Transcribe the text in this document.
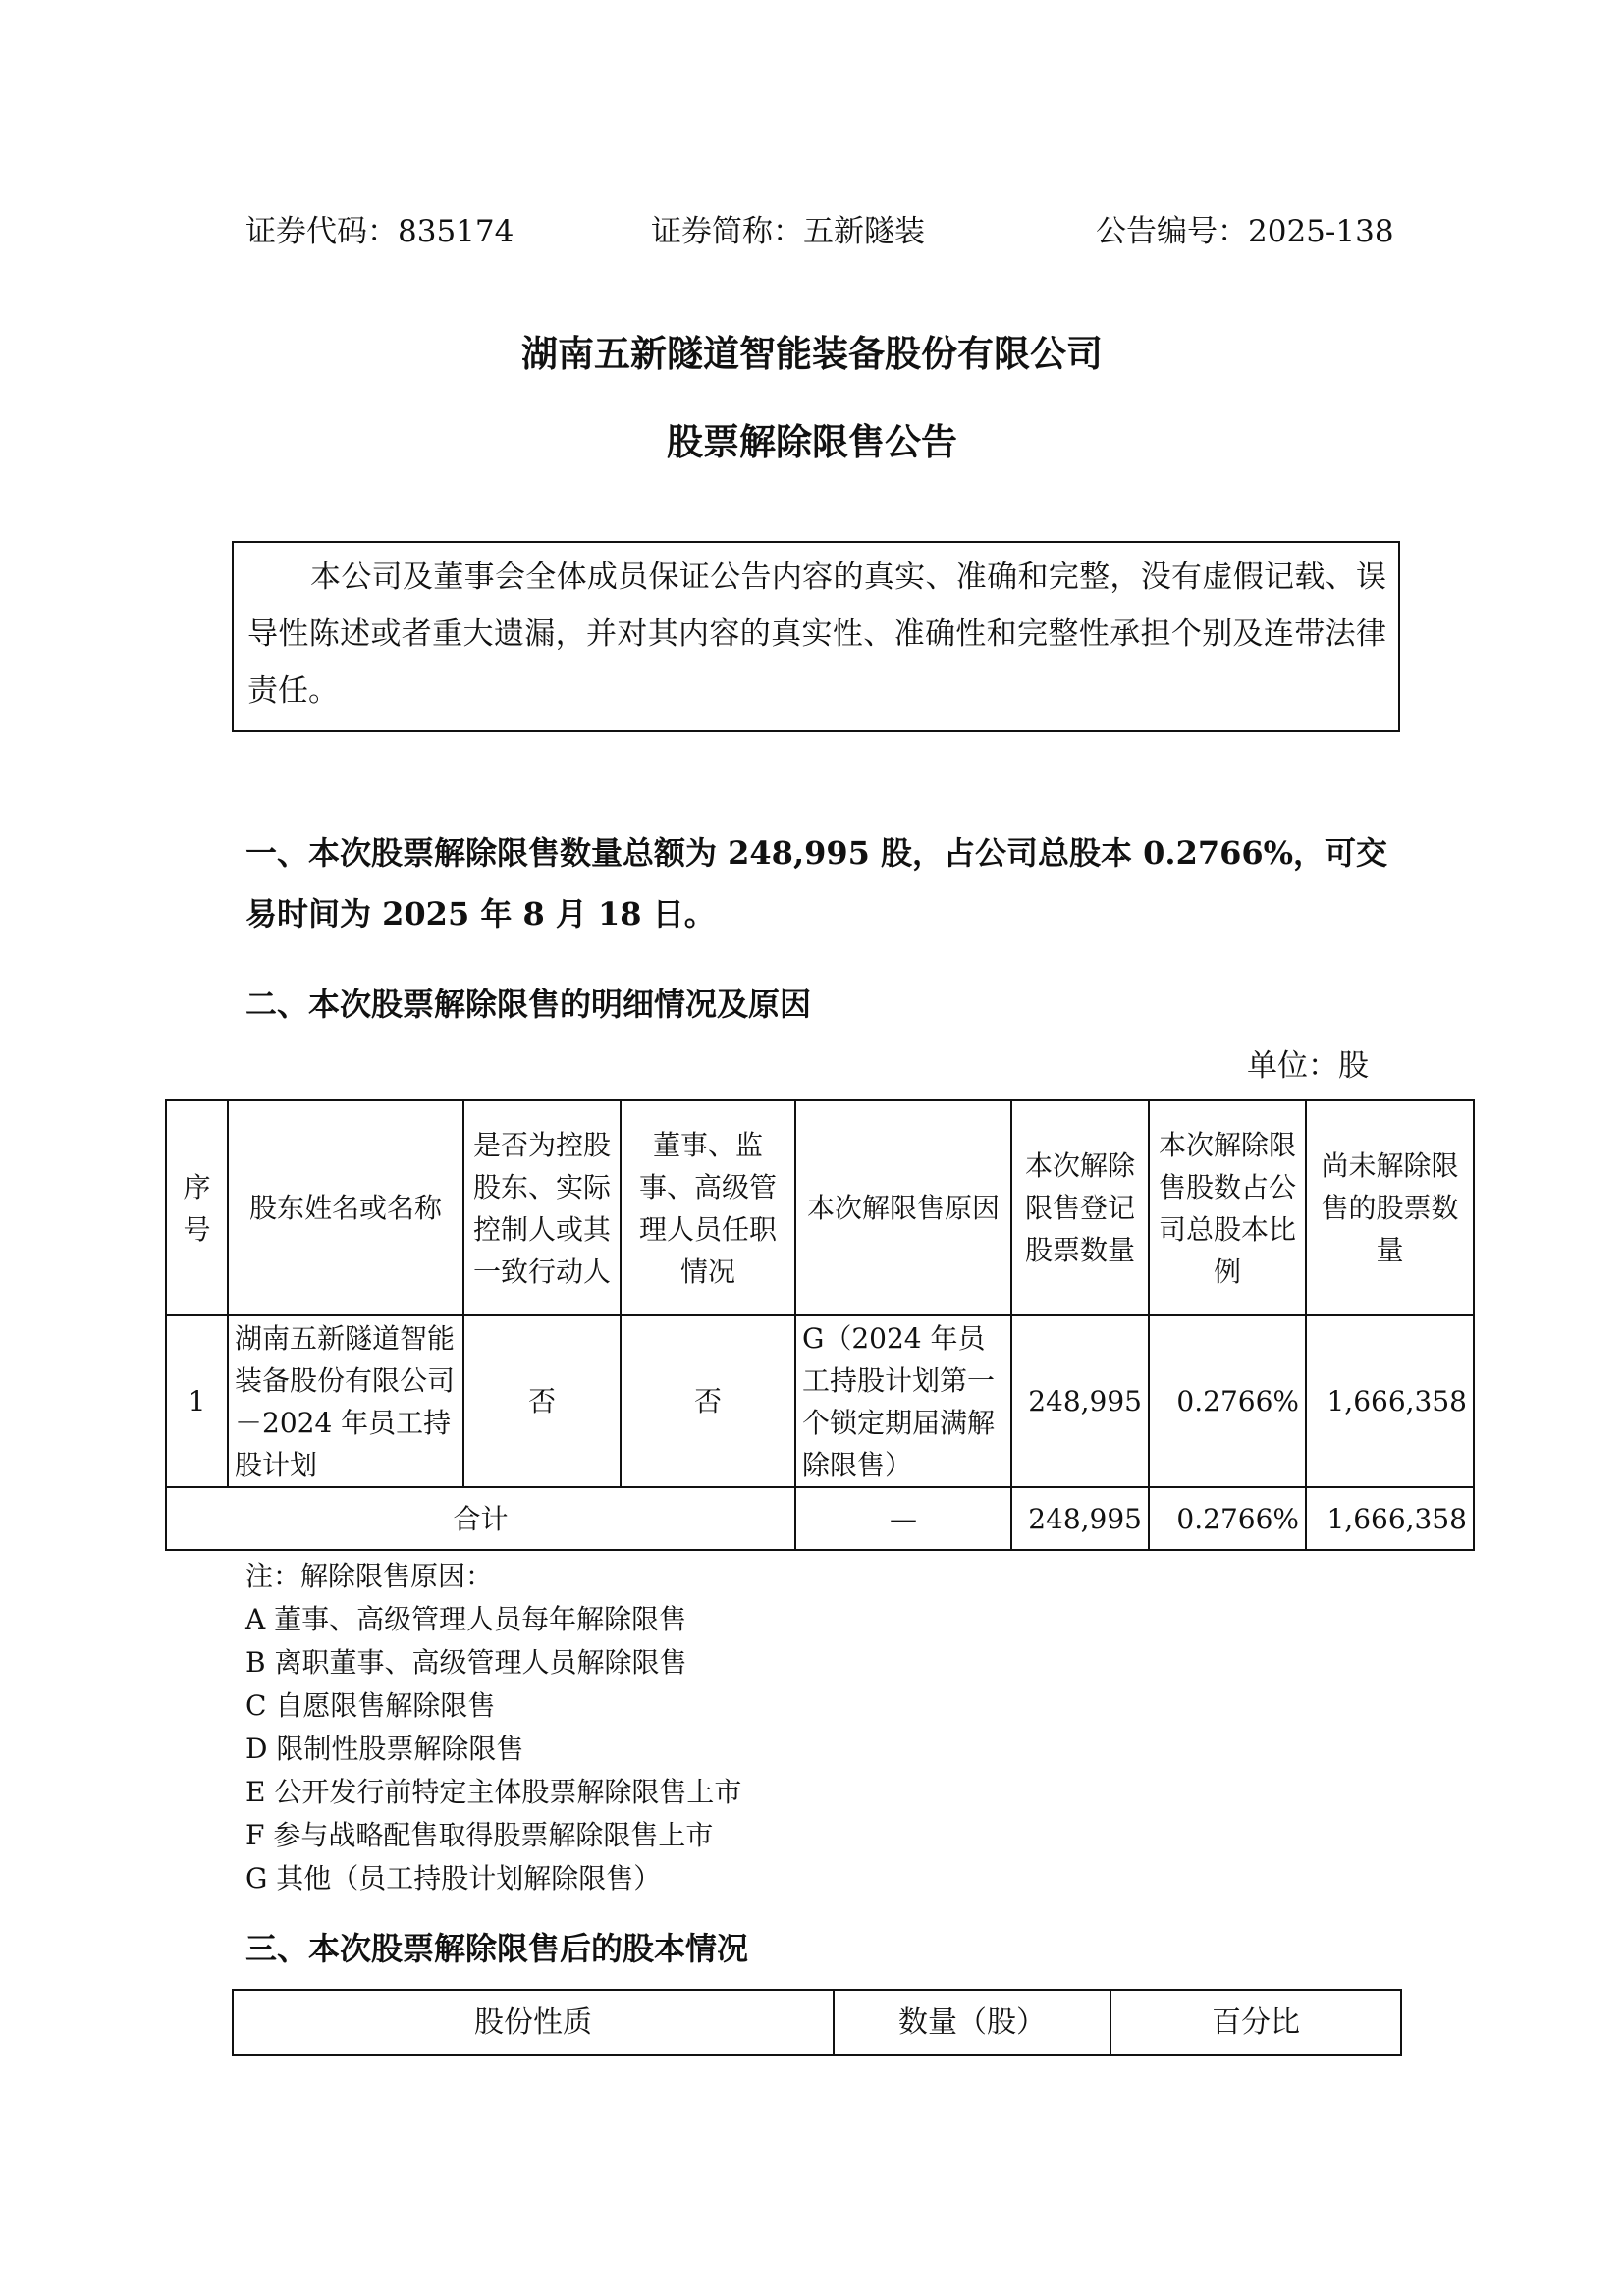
证券代码：835174	证券简称：五新隧装	公告编号：2025-138
湖南五新隧道智能装备股份有限公司
股票解除限售公告

本公司及董事会全体成员保证公告内容的真实、准确和完整，没有虚假记载、误导性陈述或者重大遗漏，并对其内容的真实性、准确性和完整性承担个别及连带法律责任。

一、本次股票解除限售数量总额为 248,995 股，占公司总股本 0.2766%，可交易时间为 2025 年 8 月 18 日。
二、本次股票解除限售的明细情况及原因
单位：股
序号	股东姓名或名称	是否为控股股东、实际控制人或其一致行动人	董事、监事、高级管理人员任职情况	本次解限售原因	本次解除限售登记股票数量	本次解除限售股数占公司总股本比例	尚未解除限售的股票数量
1	湖南五新隧道智能装备股份有限公司－2024 年员工持股计划	否	否	G（2024 年员工持股计划第一个锁定期届满解除限售）	248,995	0.2766%	1,666,358
合计				—	248,995	0.2766%	1,666,358
注：解除限售原因：
A 董事、高级管理人员每年解除限售
B 离职董事、高级管理人员解除限售
C 自愿限售解除限售
D 限制性股票解除限售
E 公开发行前特定主体股票解除限售上市
F 参与战略配售取得股票解除限售上市
G 其他（员工持股计划解除限售）
三、本次股票解除限售后的股本情况
股份性质	数量（股）	百分比
